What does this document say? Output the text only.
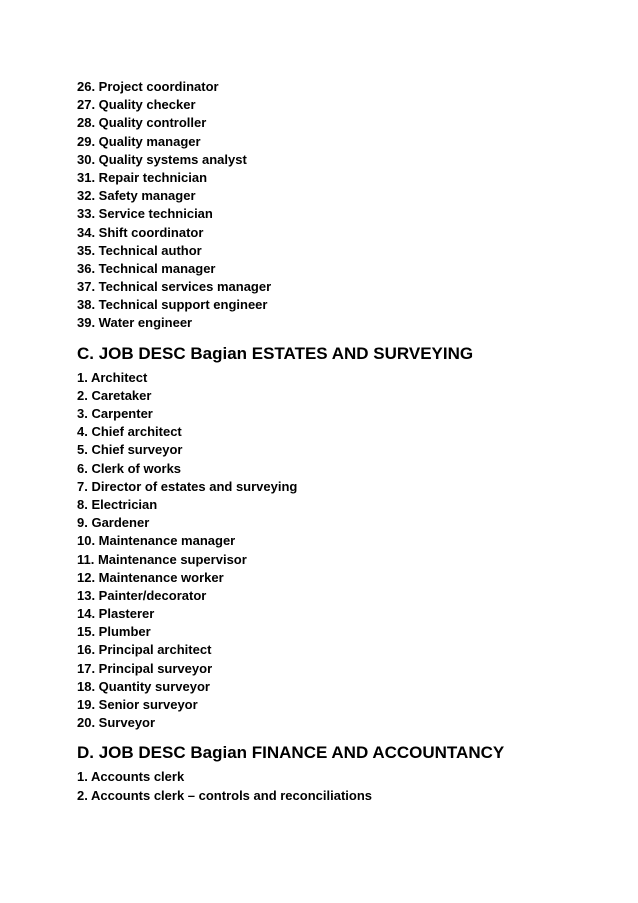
26. Project coordinator
27. Quality checker
28. Quality controller
29. Quality manager
30. Quality systems analyst
31. Repair technician
32. Safety manager
33. Service technician
34. Shift coordinator
35. Technical author
36. Technical manager
37. Technical services manager
38. Technical support engineer
39. Water engineer
C. JOB DESC Bagian ESTATES AND SURVEYING
1. Architect
2. Caretaker
3. Carpenter
4. Chief architect
5. Chief surveyor
6. Clerk of works
7. Director of estates and surveying
8. Electrician
9. Gardener
10. Maintenance manager
11. Maintenance supervisor
12. Maintenance worker
13. Painter/decorator
14. Plasterer
15. Plumber
16. Principal architect
17. Principal surveyor
18. Quantity surveyor
19. Senior surveyor
20. Surveyor
D. JOB DESC Bagian FINANCE AND ACCOUNTANCY
1. Accounts clerk
2. Accounts clerk – controls and reconciliations
